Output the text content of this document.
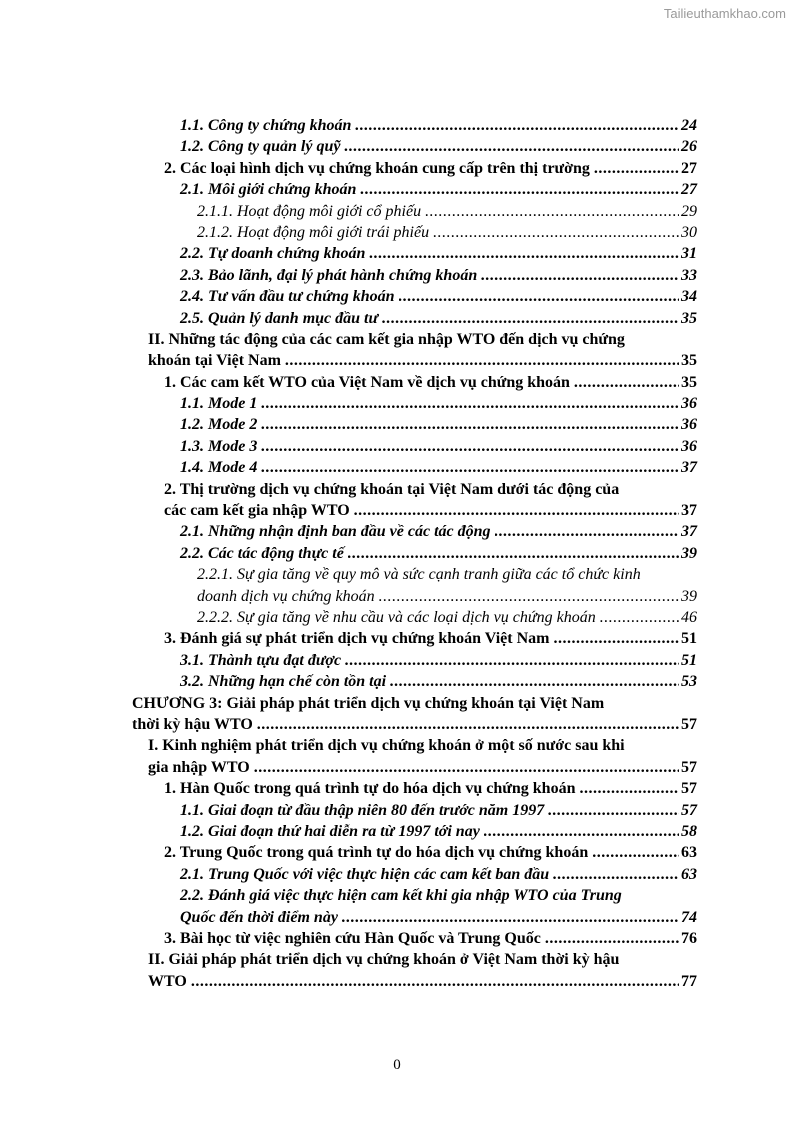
Tailieuthamkhao.com
1.1. Công ty chứng khoán .....	24
1.2. Công ty quản lý quỹ .....	26
2. Các loại hình dịch vụ chứng khoán cung cấp trên thị trường .....	27
2.1. Môi giới chứng khoán .....	27
2.1.1. Hoạt động môi giới cổ phiếu .....	29
2.1.2. Hoạt động môi giới trái phiếu .....	30
2.2. Tự doanh chứng khoán .....	31
2.3. Bảo lãnh, đại lý phát hành chứng khoán .....	33
2.4. Tư vấn đầu tư chứng khoán .....	34
2.5. Quản lý danh mục đầu tư .....	35
II. Những tác động của các cam kết gia nhập WTO đến dịch vụ chứng
khoán tại Việt Nam .....	35
1. Các cam kết WTO của Việt Nam về dịch vụ chứng khoán .....	35
1.1. Mode 1 .....	36
1.2. Mode 2 .....	36
1.3. Mode 3 .....	36
1.4. Mode 4 .....	37
2. Thị trường dịch vụ chứng khoán tại Việt Nam dưới tác động của
các cam kết gia nhập WTO .....	37
2.1. Những nhận định ban đầu về các tác động .....	37
2.2. Các tác động thực tế .....	39
2.2.1. Sự gia tăng về quy mô và sức cạnh tranh giữa các tổ chức kinh
doanh dịch vụ chứng khoán .....	39
2.2.2. Sự gia tăng về nhu cầu và các loại dịch vụ chứng khoán .....	46
3. Đánh giá sự phát triển dịch vụ chứng khoán Việt Nam .....	51
3.1. Thành tựu đạt được .....	51
3.2. Những hạn chế còn tồn tại .....	53
CHƯƠNG 3: Giải pháp phát triển dịch vụ chứng khoán tại Việt Nam
thời kỳ hậu WTO .....	57
I. Kinh nghiệm phát triển dịch vụ chứng khoán ở một số nước sau khi
gia nhập WTO .....	57
1. Hàn Quốc trong quá trình tự do hóa dịch vụ chứng khoán .....	57
1.1. Giai đoạn từ đầu thập niên 80 đến trước năm 1997 .....	57
1.2. Giai đoạn thứ hai diễn ra từ 1997 tới nay .....	58
2. Trung Quốc trong quá trình tự do hóa dịch vụ chứng khoán .....	63
2.1. Trung Quốc với việc thực hiện các cam kết ban đầu .....	63
2.2. Đánh giá việc thực hiện cam kết khi gia nhập WTO của Trung
Quốc đến thời điểm này .....	74
3. Bài học từ việc nghiên cứu Hàn Quốc và Trung Quốc .....	76
II. Giải pháp phát triển dịch vụ chứng khoán ở Việt Nam thời kỳ hậu
WTO .....	77
0
